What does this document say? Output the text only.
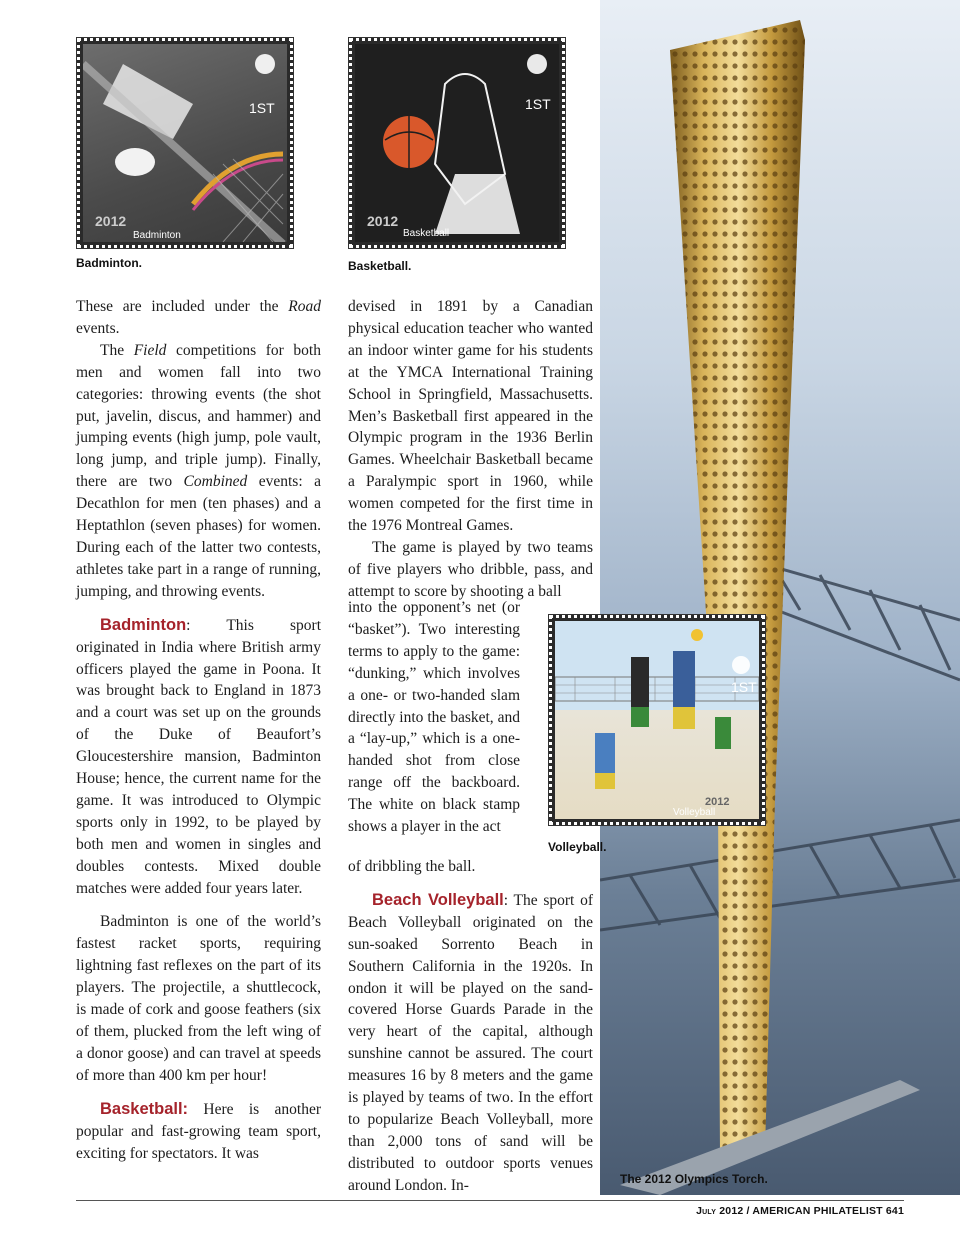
2012
1ST
Badminton
Badminton.
2012
1ST
Basketball
Basketball.
2012
1ST
Volleyball
Volleyball.
The 2012 Olympics Torch.

These are included under the Road events.

The Field competitions for both men and women fall into two categories: throwing events (the shot put, javelin, discus, and hammer) and jumping events (high jump, pole vault, long jump, and triple jump). Finally, there are two Combined events: a Decathlon for men (ten phases) and a Heptathlon (seven phases) for women. During each of the latter two contests, athletes take part in a range of running, jumping, and throwing events.

Badminton: This sport originated in India where British army officers played the game in Poona. It was brought back to England in 1873 and a court was set up on the grounds of the Duke of Beaufort’s Gloucestershire mansion, Badminton House; hence, the current name for the game. It was introduced to Olympic sports only in 1992, to be played by both men and women in singles and doubles contests. Mixed double matches were added four years later.

Badminton is one of the world’s fastest racket sports, requiring lightning fast reflexes on the part of its players. The projectile, a shuttlecock, is made of cork and goose feathers (six of them, plucked from the left wing of a donor goose) and can travel at speeds of more than 400 km per hour!

Basketball: Here is another popular and fast-growing team sport, exciting for spectators. It was

devised in 1891 by a Canadian physical education teacher who wanted an indoor winter game for his students at the YMCA International Training School in Springfield, Massachusetts. Men’s Basketball first appeared in the Olympic program in the 1936 Berlin Games. Wheelchair Basketball became a Paralympic sport in 1960, while women competed for the first time in the 1976 Montreal Games.

The game is played by two teams of five players who dribble, pass, and attempt to score by shooting a ball

into the opponent’s net (or “basket”). Two interesting terms to apply to the game: “dunking,” which involves a one- or two-handed slam directly into the basket, and a “lay-up,” which is a one-handed shot from close range off the backboard. The white on black stamp shows a player in the act

of dribbling the ball.

Beach Volleyball: The sport of Beach Volleyball originated on the sun-soaked Sorrento Beach in Southern California in the 1920s. In ondon it will be played on the sand-covered Horse Guards Parade in the very heart of the capital, although sunshine cannot be assured. The court measures 16 by 8 meters and the game is played by teams of two. In the effort to popularize Beach Volleyball, more than 2,000 tons of sand will be distributed to outdoor sports venues around London. In-

July 2012 / AMERICAN PHILATELIST 641
